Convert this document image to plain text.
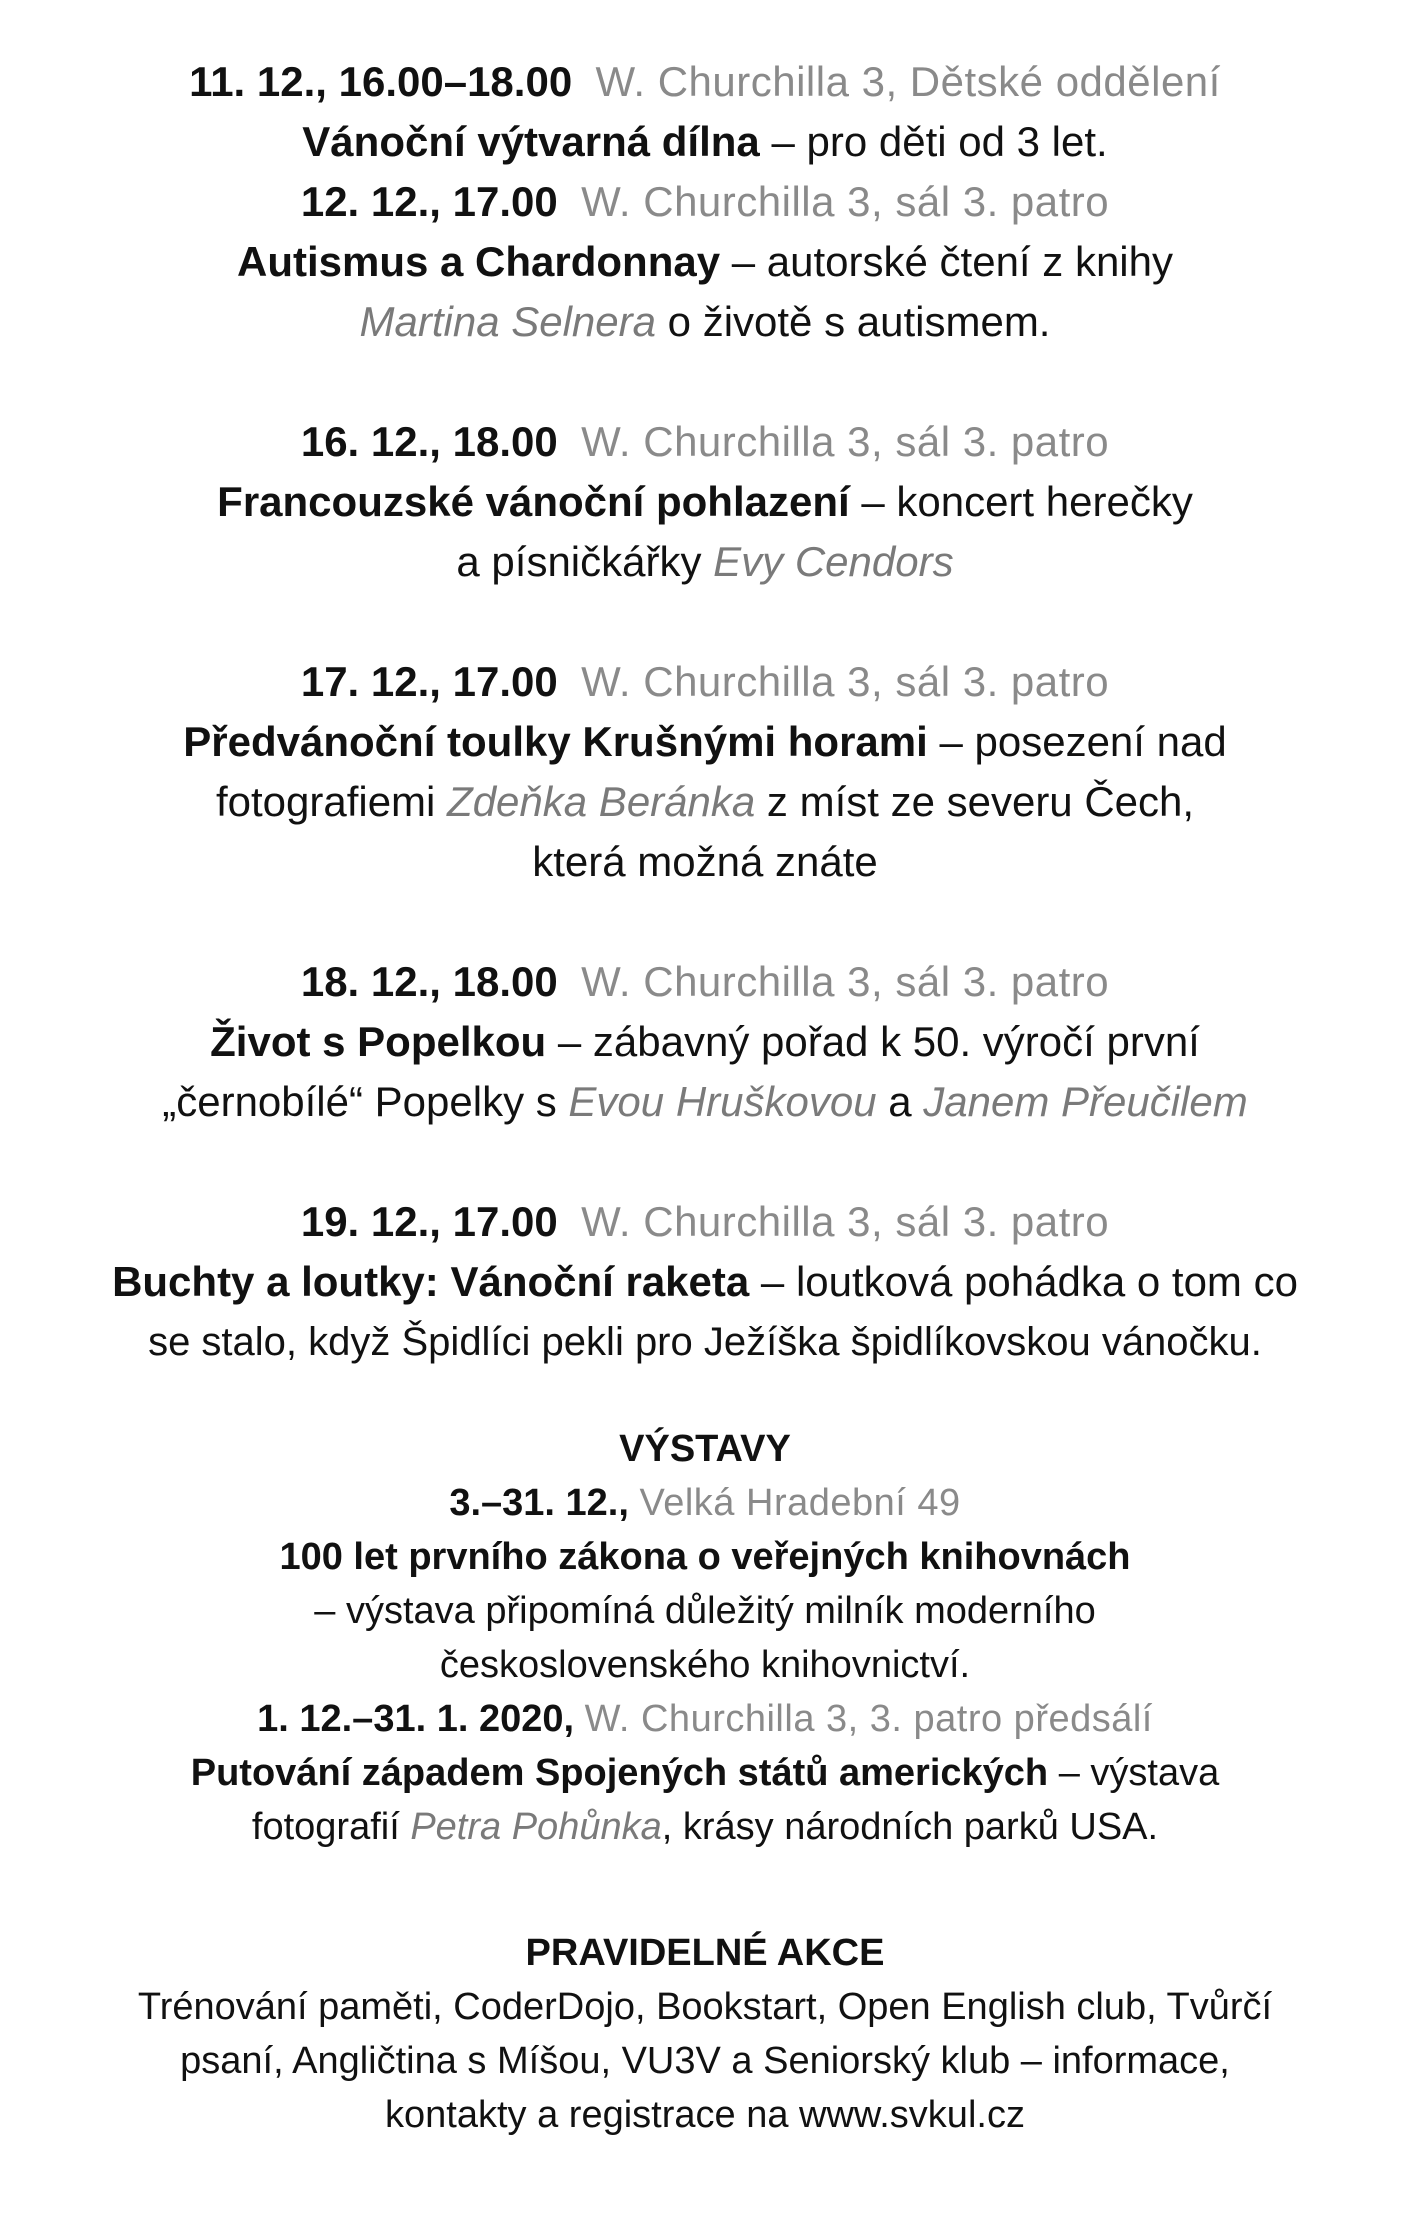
11. 12., 16.00–18.00 W. Churchilla 3, Dětské oddělení
Vánoční výtvarná dílna – pro děti od 3 let.
12. 12., 17.00 W. Churchilla 3, sál 3. patro
Autismus a Chardonnay – autorské čtení z knihy
Martina Selnera o životě s autismem.
16. 12., 18.00 W. Churchilla 3, sál 3. patro
Francouzské vánoční pohlazení – koncert herečky
a písničkářky Evy Cendors
17. 12., 17.00 W. Churchilla 3, sál 3. patro
Předvánoční toulky Krušnými horami – posezení nad
fotografiemi Zdeňka Beránka z míst ze severu Čech,
která možná znáte
18. 12., 18.00 W. Churchilla 3, sál 3. patro
Život s Popelkou – zábavný pořad k 50. výročí první
„černobílé“ Popelky s Evou Hruškovou a Janem Přeučilem
19. 12., 17.00 W. Churchilla 3, sál 3. patro
Buchty a loutky: Vánoční raketa – loutková pohádka o tom co
se stalo, když Špidlíci pekli pro Ježíška špidlíkovskou vánočku.
VÝSTAVY
3.–31. 12., Velká Hradební 49
100 let prvního zákona o veřejných knihovnách
– výstava připomíná důležitý milník moderního
československého knihovnictví.
1. 12.–31. 1. 2020, W. Churchilla 3, 3. patro předsálí
Putování západem Spojených států amerických – výstava
fotografií Petra Pohůnka, krásy národních parků USA.
PRAVIDELNÉ AKCE
Trénování paměti, CoderDojo, Bookstart, Open English club, Tvůrčí
psaní, Angličtina s Míšou, VU3V a Seniorský klub – informace,
kontakty a registrace na www.svkul.cz
